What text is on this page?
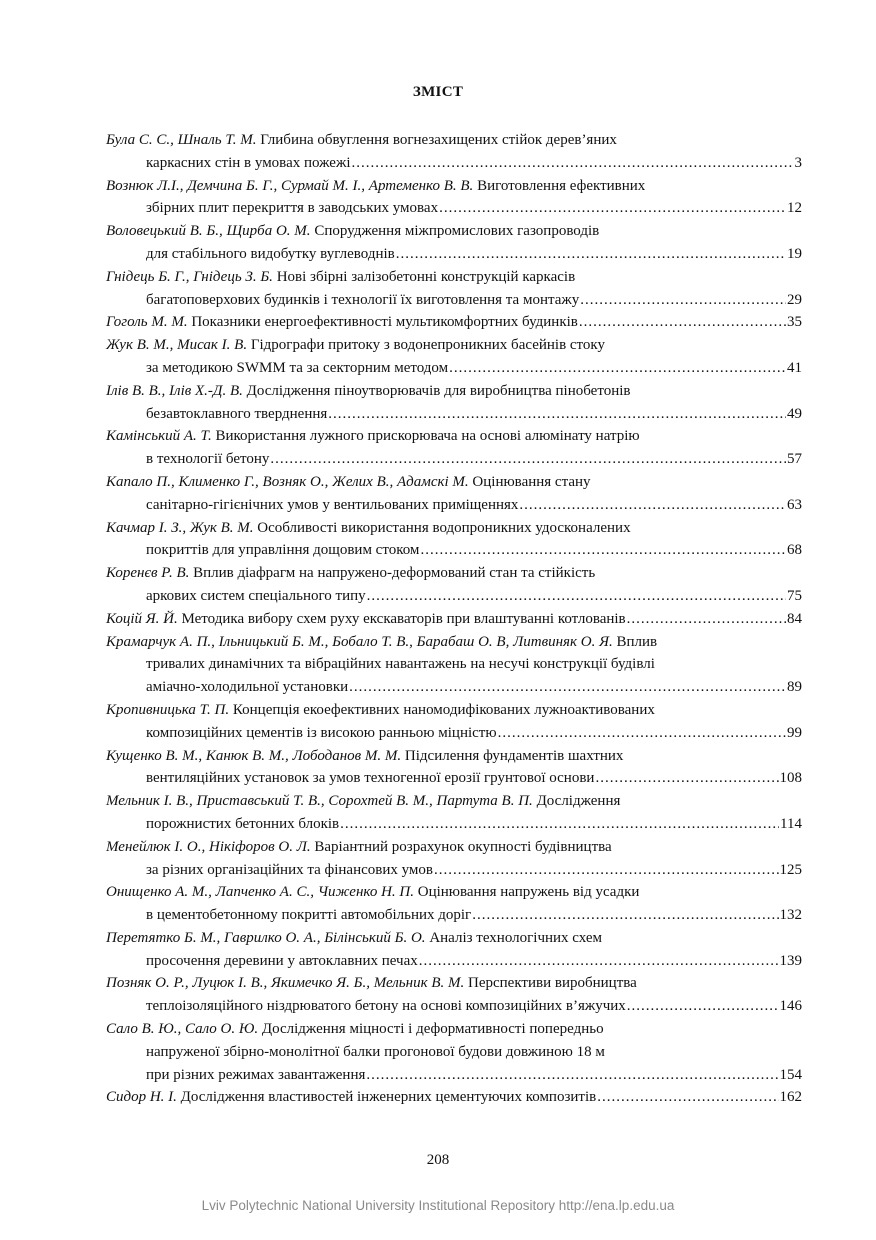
ЗМІСТ
Була С. С., Шналь Т. М. Глибина обвуглення вогнезахищених стійок дерев’яних
каркасних стін в умовах пожежі .....	3
Вознюк Л.І., Демчина Б. Г., Сурмай М. І., Артеменко В. В. Виготовлення ефективних
збірних плит перекриття в заводських умовах .....	12
Воловецький В. Б., Щирба О. М. Спорудження міжпромислових газопроводів
для стабільного видобутку вуглеводнів .....	19
Гнідець Б. Г., Гнідець З. Б. Нові збірні залізобетонні конструкцій каркасів
багатоповерхових будинків і технології їх виготовлення та монтажу .....	29
Гоголь М. М.
Показники енергоефективності мультикомфортних будинків .....	35
Жук В. М., Мисак І. В. Гідрографи притоку з водонепроникних басейнів стоку
за методикою SWMM та за секторним методом .....	41
Ілів В. В., Ілів Х.-Д. В. Дослідження піноутворювачів для виробництва пінобетонів
безавтоклавного тверднення .....	49
Камінський А. Т. Використання лужного прискорювача на основі алюмінату натрію
в технології бетону .....	57
Капало П., Клименко Г., Возняк О., Желих В., Адамскі М. Оцінювання стану
санітарно-гігієнічних умов у вентильованих приміщеннях .....	63
Качмар І. З., Жук В. М. Особливості використання водопроникних удосконалених
покриттів для управління дощовим стоком .....	68
Коренєв Р. В. Вплив діафрагм на напружено-деформований стан та стійкість
аркових систем спеціального типу .....	75
Коцій Я. Й.
Методика вибору схем руху екскаваторів при влаштуванні котлованів .....	84
Крамарчук А. П., Ільницький Б. М., Бобало Т. В., Барабаш О. В, Литвиняк О. Я. Вплив
тривалих динамічних та вібраційних навантажень на несучі конструкції будівлі
аміачно-холодильної установки .....	89
Кропивницька Т. П. Концепція екоефективних наномодифікованих лужноактивованих
композиційних цементів із високою ранньою міцністю .....	99
Кущенко В. М., Канюк В. М., Лободанов М. М. Підсилення фундаментів шахтних
вентиляційних установок за умов техногенної ерозії грунтової основи .....	108
Мельник І. В., Приставський Т. В., Сорохтей В. М., Партута В. П. Дослідження
порожнистих бетонних блоків .....	114
Менейлюк І. О., Нікіфоров О. Л. Варіантний розрахунок окупності будівництва
за різних організаційних та фінансових умов .....	125
Онищенко А. М., Лапченко А. С., Чиженко Н. П. Оцінювання напружень від усадки
в цементобетонному покритті автомобільних доріг .....	132
Перетятко Б. М., Гаврилко О. А., Білінський Б. О. Аналіз технологічних схем
просочення деревини у автоклавних печах .....	139
Позняк О. Р., Луцюк І. В., Якимечко Я. Б., Мельник В. М. Перспективи виробництва
теплоізоляційного ніздрюватого бетону на основі композиційних в’яжучих .....	146
Сало В. Ю., Сало О. Ю. Дослідження міцності і деформативності попередньо
напруженої збірно-монолітної балки прогонової будови довжиною 18 м
при різних режимах завантаження .....	154
Сидор Н. І.
Дослідження властивостей інженерних цементуючих композитів .....	162
208
Lviv Polytechnic National University Institutional Repository http://ena.lp.edu.ua
